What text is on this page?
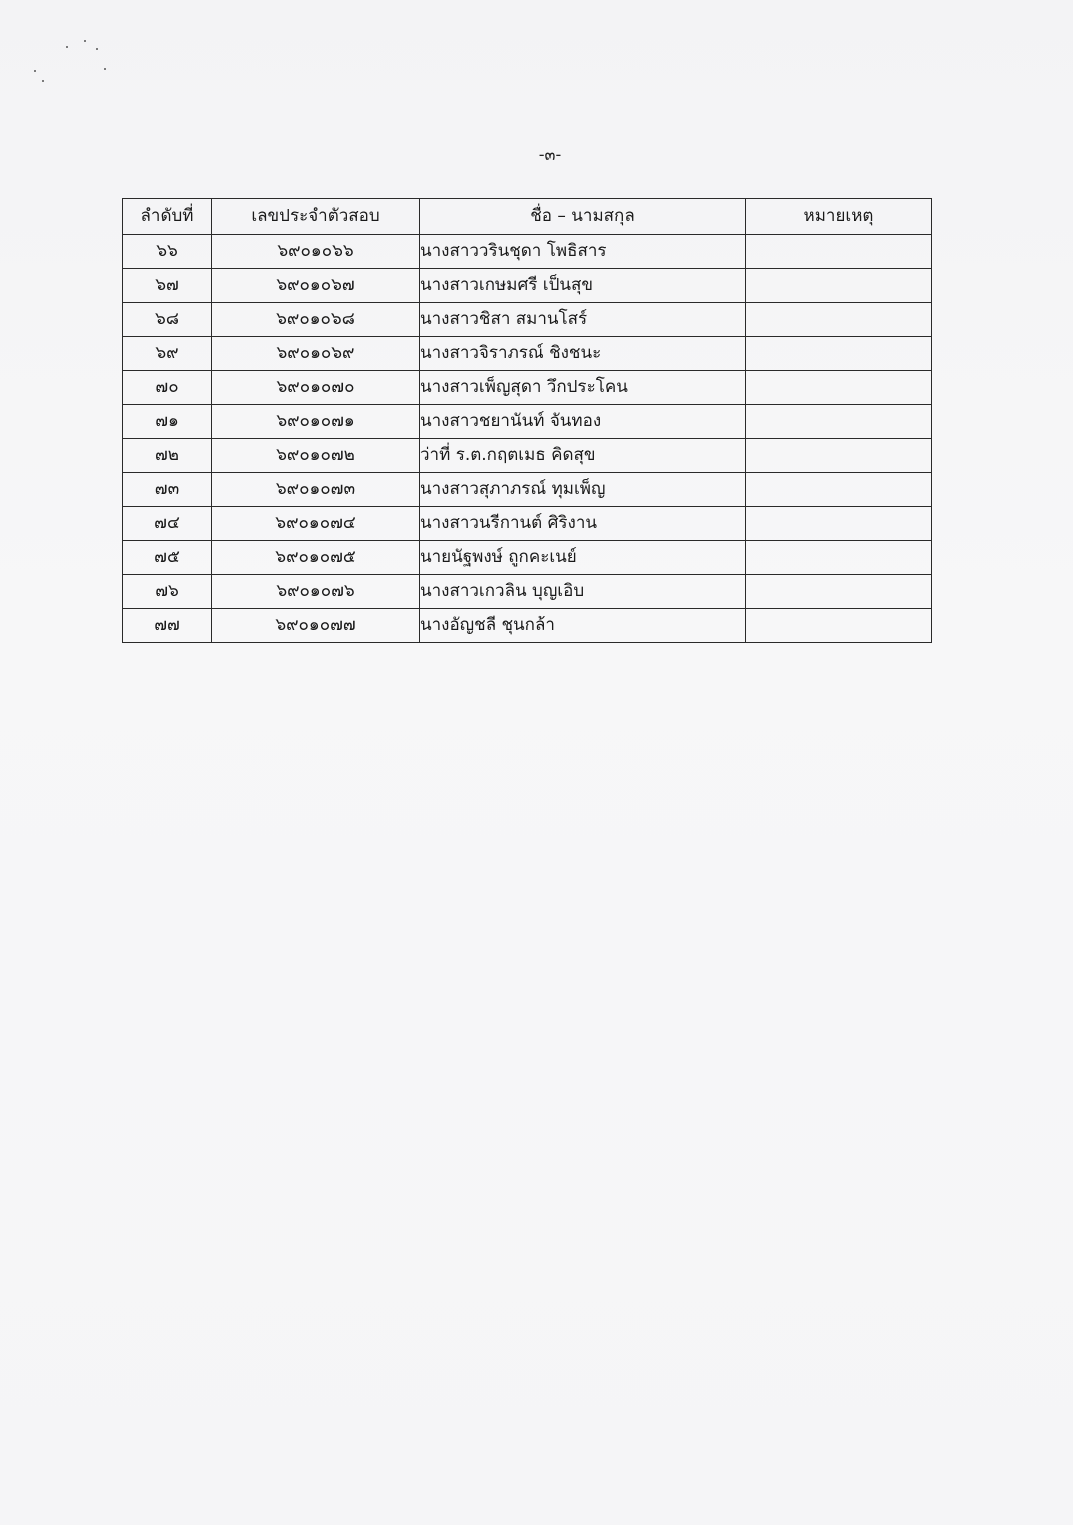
-๓-
ลำดับที่	เลขประจำตัวสอบ	ชื่อ – นามสกุล	หมายเหตุ
๖๖	๖๙๐๑๐๖๖	นางสาววรินชุดา โพธิสาร	
๖๗	๖๙๐๑๐๖๗	นางสาวเกษมศรี เป็นสุข	
๖๘	๖๙๐๑๐๖๘	นางสาวชิสา สมานโสร์	
๖๙	๖๙๐๑๐๖๙	นางสาวจิราภรณ์ ชิงชนะ	
๗๐	๖๙๐๑๐๗๐	นางสาวเพ็ญสุดา วึกประโคน	
๗๑	๖๙๐๑๐๗๑	นางสาวชยานันท์ จันทอง	
๗๒	๖๙๐๑๐๗๒	ว่าที่ ร.ต.กฤตเมธ คิดสุข	
๗๓	๖๙๐๑๐๗๓	นางสาวสุภาภรณ์ ทุมเพ็ญ	
๗๔	๖๙๐๑๐๗๔	นางสาวนรีกานต์ ศิริงาน	
๗๕	๖๙๐๑๐๗๕	นายนัฐพงษ์ ถูกคะเนย์	
๗๖	๖๙๐๑๐๗๖	นางสาวเกวลิน บุญเอิบ	
๗๗	๖๙๐๑๐๗๗	นางอัญชลี ชุนกล้า	
